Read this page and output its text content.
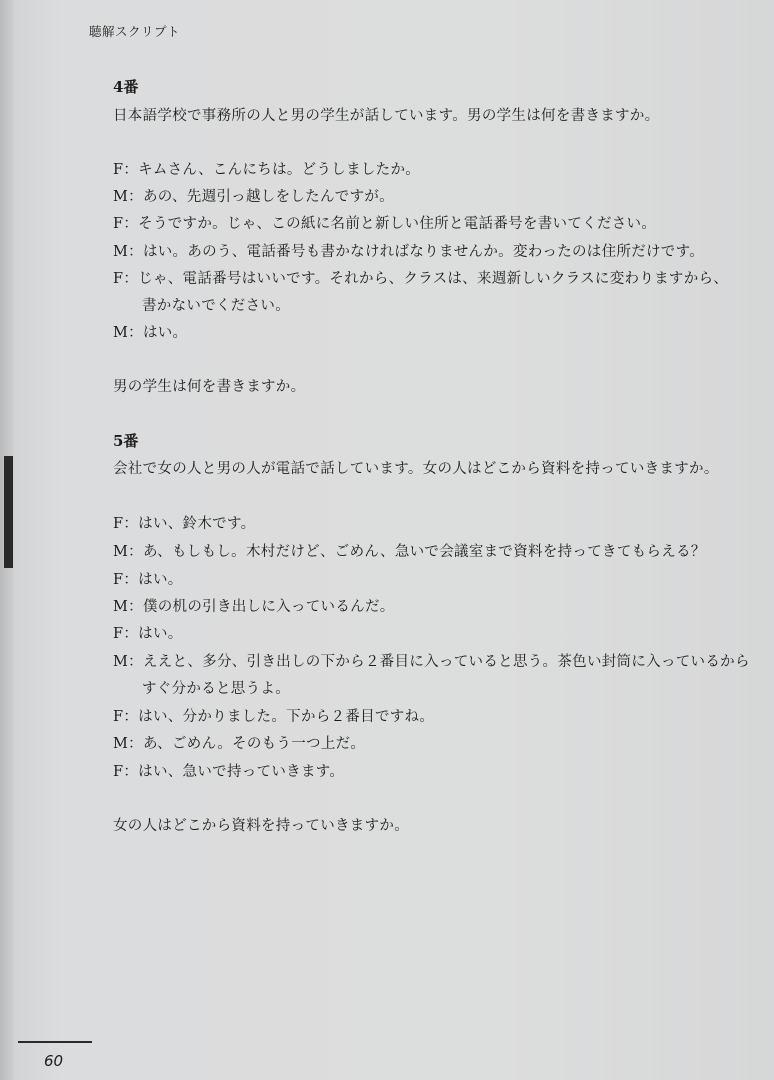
聴解スクリプト

4番

日本語学校で事務所の人と男の学生が話しています。男の学生は何を書きますか。
F：キムさん、こんにちは。どうしましたか。
M：あの、先週引っ越しをしたんですが。
F：そうですか。じゃ、この紙に名前と新しい住所と電話番号を書いてください。
M：はい。あのう、電話番号も書かなければなりませんか。変わったのは住所だけです。
F：じゃ、電話番号はいいです。それから、クラスは、来週新しいクラスに変わりますから、
書かないでください。
M：はい。
男の学生は何を書きますか。

5番

会社で女の人と男の人が電話で話しています。女の人はどこから資料を持っていきますか。
F：はい、鈴木です。
M：あ、もしもし。木村だけど、ごめん、急いで会議室まで資料を持ってきてもらえる？
F：はい。
M：僕の机の引き出しに入っているんだ。
F：はい。
M：ええと、多分、引き出しの下から２番目に入っていると思う。茶色い封筒に入っているから
すぐ分かると思うよ。
F：はい、分かりました。下から２番目ですね。
M：あ、ごめん。そのもう一つ上だ。
F：はい、急いで持っていきます。
女の人はどこから資料を持っていきますか。
60
